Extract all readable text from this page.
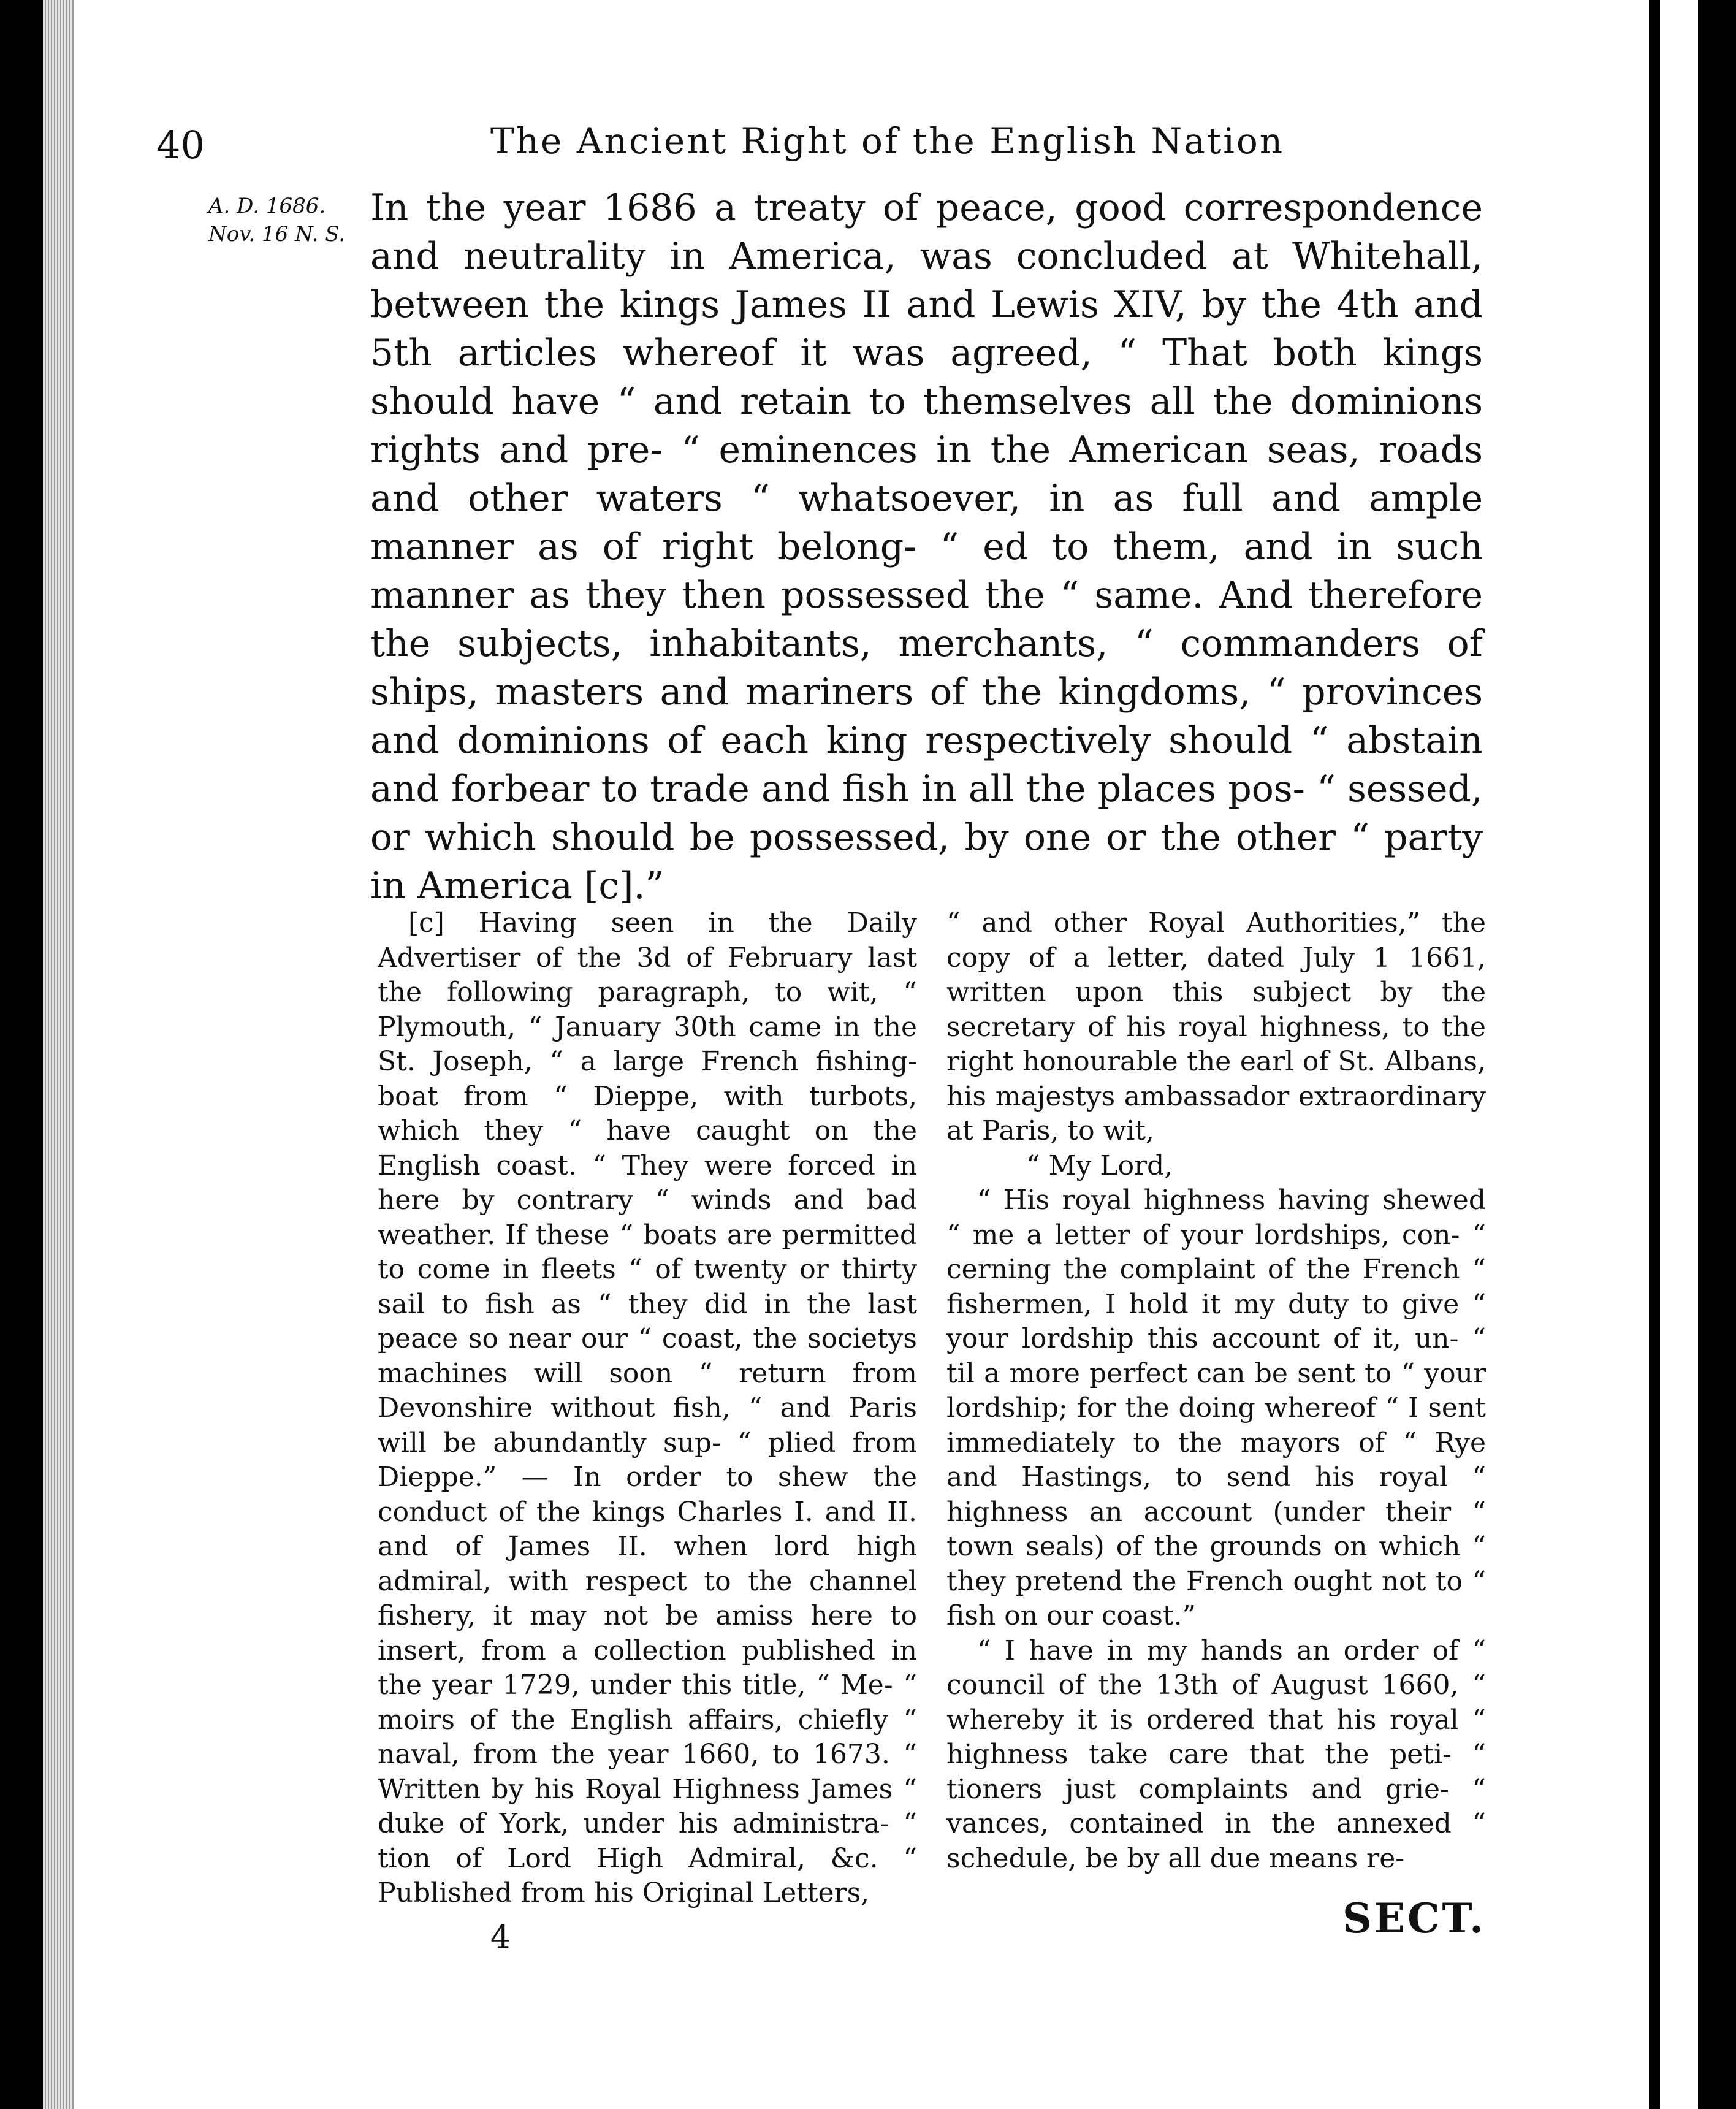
40	The Ancient Right of the English Nation
A. D. 1686.
Nov. 16 N. S.

In the year 1686 a treaty of peace, good correspondence and neutrality in America, was concluded at Whitehall, between the kings James II and Lewis XIV, by the 4th and 5th articles whereof it was agreed, “ That both kings should have “ and retain to themselves all the dominions rights and pre- “ eminences in the American seas, roads and other waters “ whatsoever, in as full and ample manner as of right belong- “ ed to them, and in such manner as they then possessed the “ same. And therefore the subjects, inhabitants, merchants, “ commanders of ships, masters and mariners of the kingdoms, “ provinces and dominions of each king respectively should “ abstain and forbear to trade and fish in all the places pos- “ sessed, or which should be possessed, by one or the other “ party in America [c].”

[c] Having seen in the Daily Advertiser of the 3d of February last the following paragraph, to wit, “ Plymouth, “ January 30th came in the St. Joseph, “ a large French fishing-boat from “ Dieppe, with turbots, which they “ have caught on the English coast. “ They were forced in here by contrary “ winds and bad weather. If these “ boats are permitted to come in fleets “ of twenty or thirty sail to fish as “ they did in the last peace so near our “ coast, the societys machines will soon “ return from Devonshire without fish, “ and Paris will be abundantly sup- “ plied from Dieppe.” — In order to shew the conduct of the kings Charles I. and II. and of James II. when lord high admiral, with respect to the channel fishery, it may not be amiss here to insert, from a collection published in the year 1729, under this title, “ Me- “ moirs of the English affairs, chiefly “ naval, from the year 1660, to 1673. “ Written by his Royal Highness James “ duke of York, under his administra- “ tion of Lord High Admiral, &c. “ Published from his Original Letters,

“ and other Royal Authorities,” the copy of a letter, dated July 1 1661, written upon this subject by the secretary of his royal highness, to the right honourable the earl of St. Albans, his majestys ambassador extraordinary at Paris, to wit,

“ My Lord,

“ His royal highness having shewed “ me a letter of your lordships, con- “ cerning the complaint of the French “ fishermen, I hold it my duty to give “ your lordship this account of it, un- “ til a more perfect can be sent to “ your lordship; for the doing whereof “ I sent immediately to the mayors of “ Rye and Hastings, to send his royal “ highness an account (under their “ town seals) of the grounds on which “ they pretend the French ought not to “ fish on our coast.”

“ I have in my hands an order of “ council of the 13th of August 1660, “ whereby it is ordered that his royal “ highness take care that the peti- “ tioners just complaints and grie- “ vances, contained in the annexed “ schedule, be by all due means re-

4	SECT.
